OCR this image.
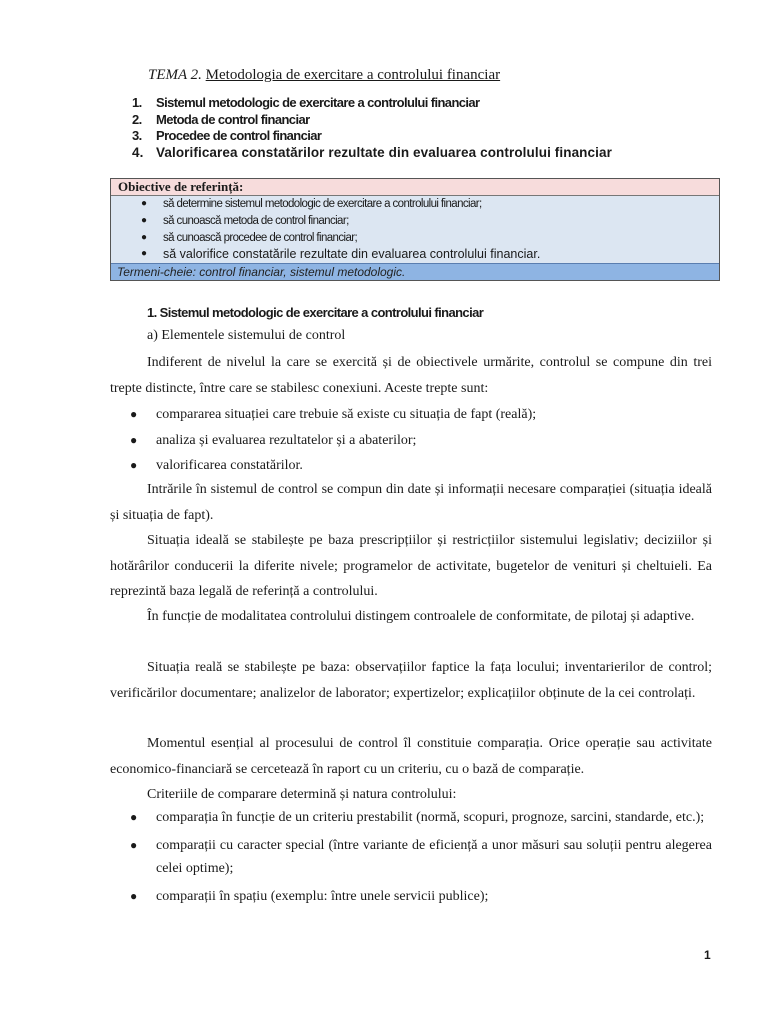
TEMA 2. Metodologia de exercitare a controlului financiar
1.	Sistemul metodologic de exercitare a controlului financiar
2.	Metoda de control financiar
3.	Procedee de control financiar
4. Valorificarea constatărilor rezultate din evaluarea controlului financiar
Obiective de referință:
● să determine sistemul metodologic de exercitare a controlului financiar;
● să cunoască metoda de control financiar;
● să cunoască procedee de control financiar;
● să valorifice constatările rezultate din evaluarea controlului financiar.
Termeni-cheie: control financiar, sistemul metodologic.
1. Sistemul metodologic de exercitare a controlului financiar
a) Elementele sistemului de control

Indiferent de nivelul la care se exercită și de obiectivele urmărite, controlul se compune din trei trepte distincte, între care se stabilesc conexiuni. Aceste trepte sunt:

● compararea situației care trebuie să existe cu situația de fapt (reală);
● analiza și evaluarea rezultatelor și a abaterilor;
● valorificarea constatărilor.

Intrările în sistemul de control se compun din date și informații necesare comparației (situația ideală și situația de fapt).

Situația ideală se stabilește pe baza prescripțiilor și restricțiilor sistemului legislativ; deciziilor și hotărârilor conducerii la diferite nivele; programelor de activitate, bugetelor de venituri și cheltuieli. Ea reprezintă baza legală de referință a controlului.

În funcție de modalitatea controlului distingem controalele de conformitate, de pilotaj și adaptive.

Situația reală se stabilește pe baza: observațiilor faptice la fața locului; inventarierilor de control; verificărilor documentare; analizelor de laborator; expertizelor; explicațiilor obținute de la cei controlați.

Momentul esențial al procesului de control îl constituie comparația. Orice operație sau activitate economico-financiară se cercetează în raport cu un criteriu, cu o bază de comparație.

Criteriile de comparare determină și natura controlului:

● comparația în funcție de un criteriu prestabilit (normă, scopuri, prognoze, sarcini, standarde, etc.);
● comparații cu caracter special (între variante de eficiență a unor măsuri sau soluții pentru alegerea celei optime);
● comparații în spațiu (exemplu: între unele servicii publice);
1
